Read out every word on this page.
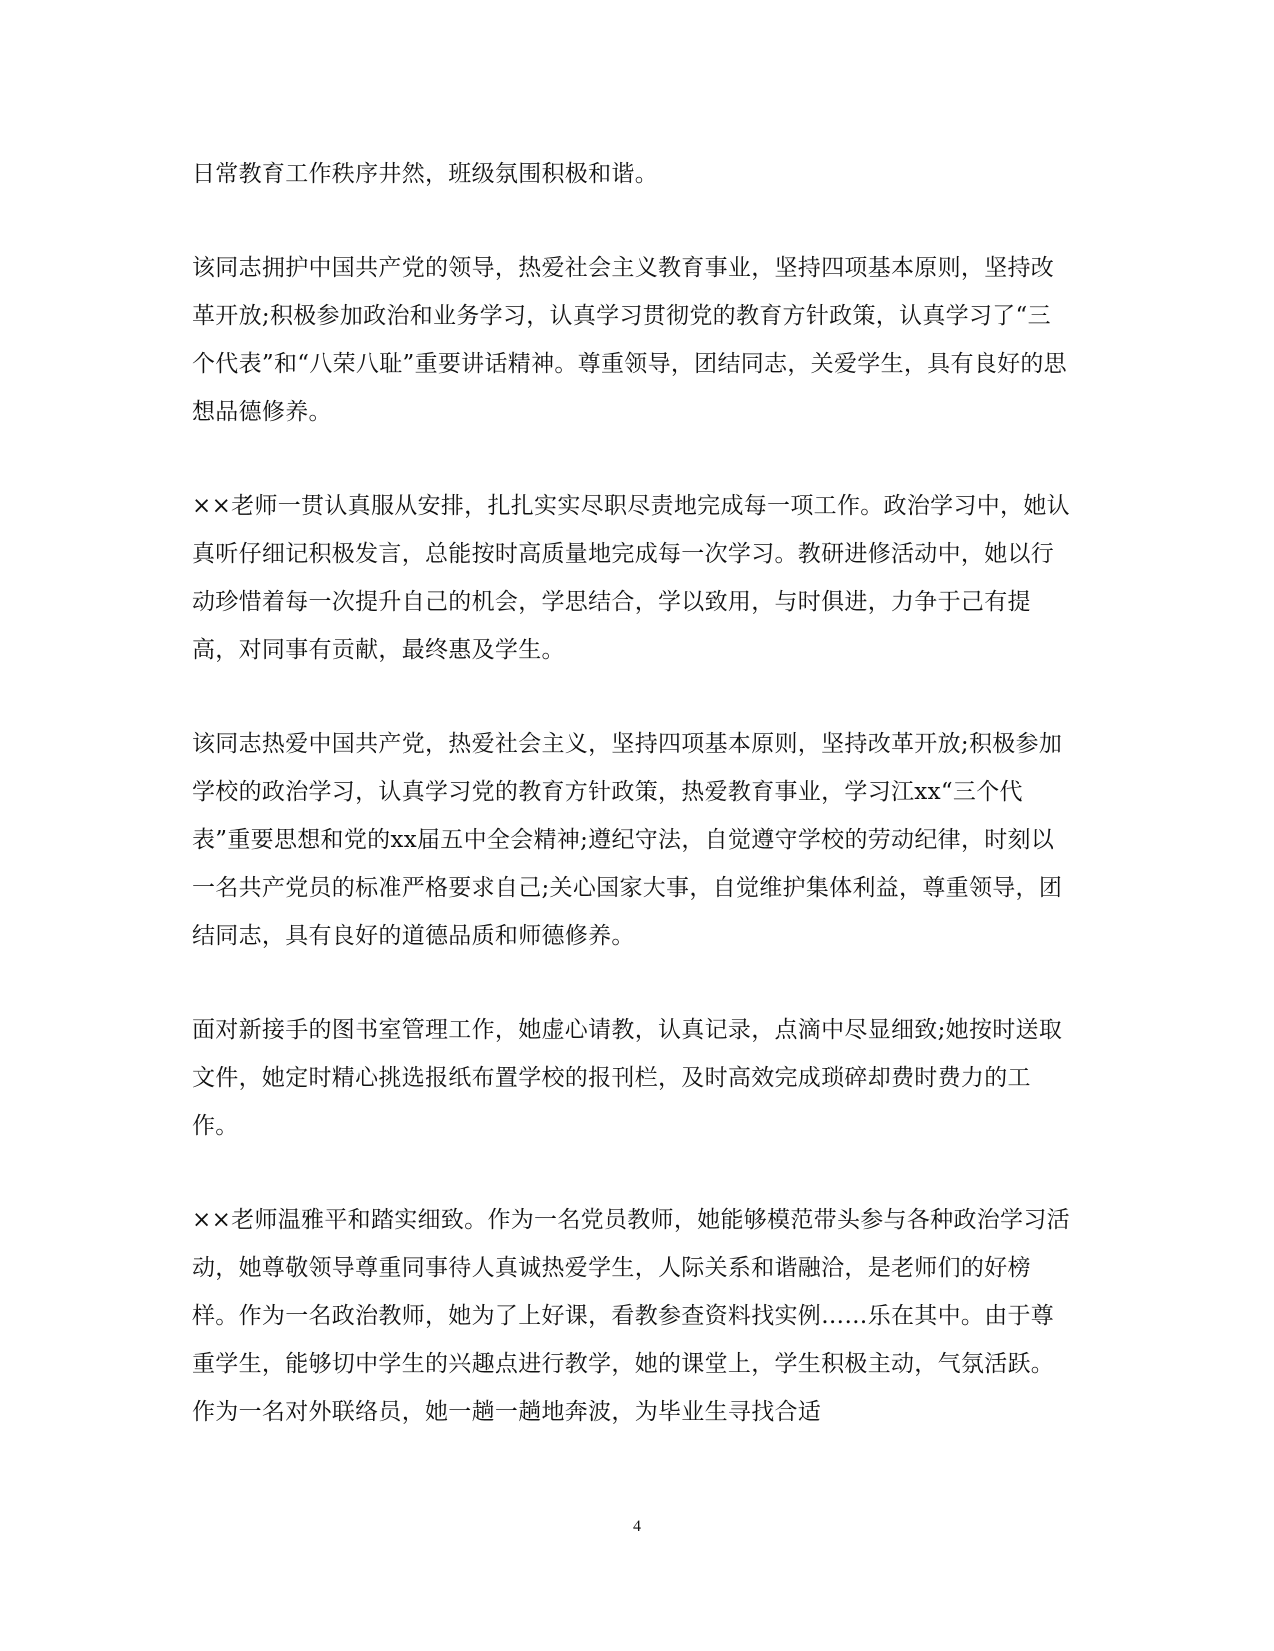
日常教育工作秩序井然，班级氛围积极和谐。

该同志拥护中国共产党的领导，热爱社会主义教育事业，坚持四项基本原则，坚持改革开放;积极参加政治和业务学习，认真学习贯彻党的教育方针政策，认真学习了“三个代表”和“八荣八耻”重要讲话精神。尊重领导，团结同志，关爱学生，具有良好的思想品德修养。

××老师一贯认真服从安排，扎扎实实尽职尽责地完成每一项工作。政治学习中，她认真听仔细记积极发言，总能按时高质量地完成每一次学习。教研进修活动中，她以行动珍惜着每一次提升自己的机会，学思结合，学以致用，与时俱进，力争于己有提高，对同事有贡献，最终惠及学生。

该同志热爱中国共产党，热爱社会主义，坚持四项基本原则，坚持改革开放;积极参加学校的政治学习，认真学习党的教育方针政策，热爱教育事业，学习江xx“三个代表”重要思想和党的xx届五中全会精神;遵纪守法，自觉遵守学校的劳动纪律，时刻以一名共产党员的标准严格要求自己;关心国家大事，自觉维护集体利益，尊重领导，团结同志，具有良好的道德品质和师德修养。

面对新接手的图书室管理工作，她虚心请教，认真记录，点滴中尽显细致;她按时送取文件，她定时精心挑选报纸布置学校的报刊栏，及时高效完成琐碎却费时费力的工作。

××老师温雅平和踏实细致。作为一名党员教师，她能够模范带头参与各种政治学习活动，她尊敬领导尊重同事待人真诚热爱学生，人际关系和谐融洽，是老师们的好榜样。作为一名政治教师，她为了上好课，看教参查资料找实例……乐在其中。由于尊重学生，能够切中学生的兴趣点进行教学，她的课堂上，学生积极主动，气氛活跃。作为一名对外联络员，她一趟一趟地奔波，为毕业生寻找合适

4
